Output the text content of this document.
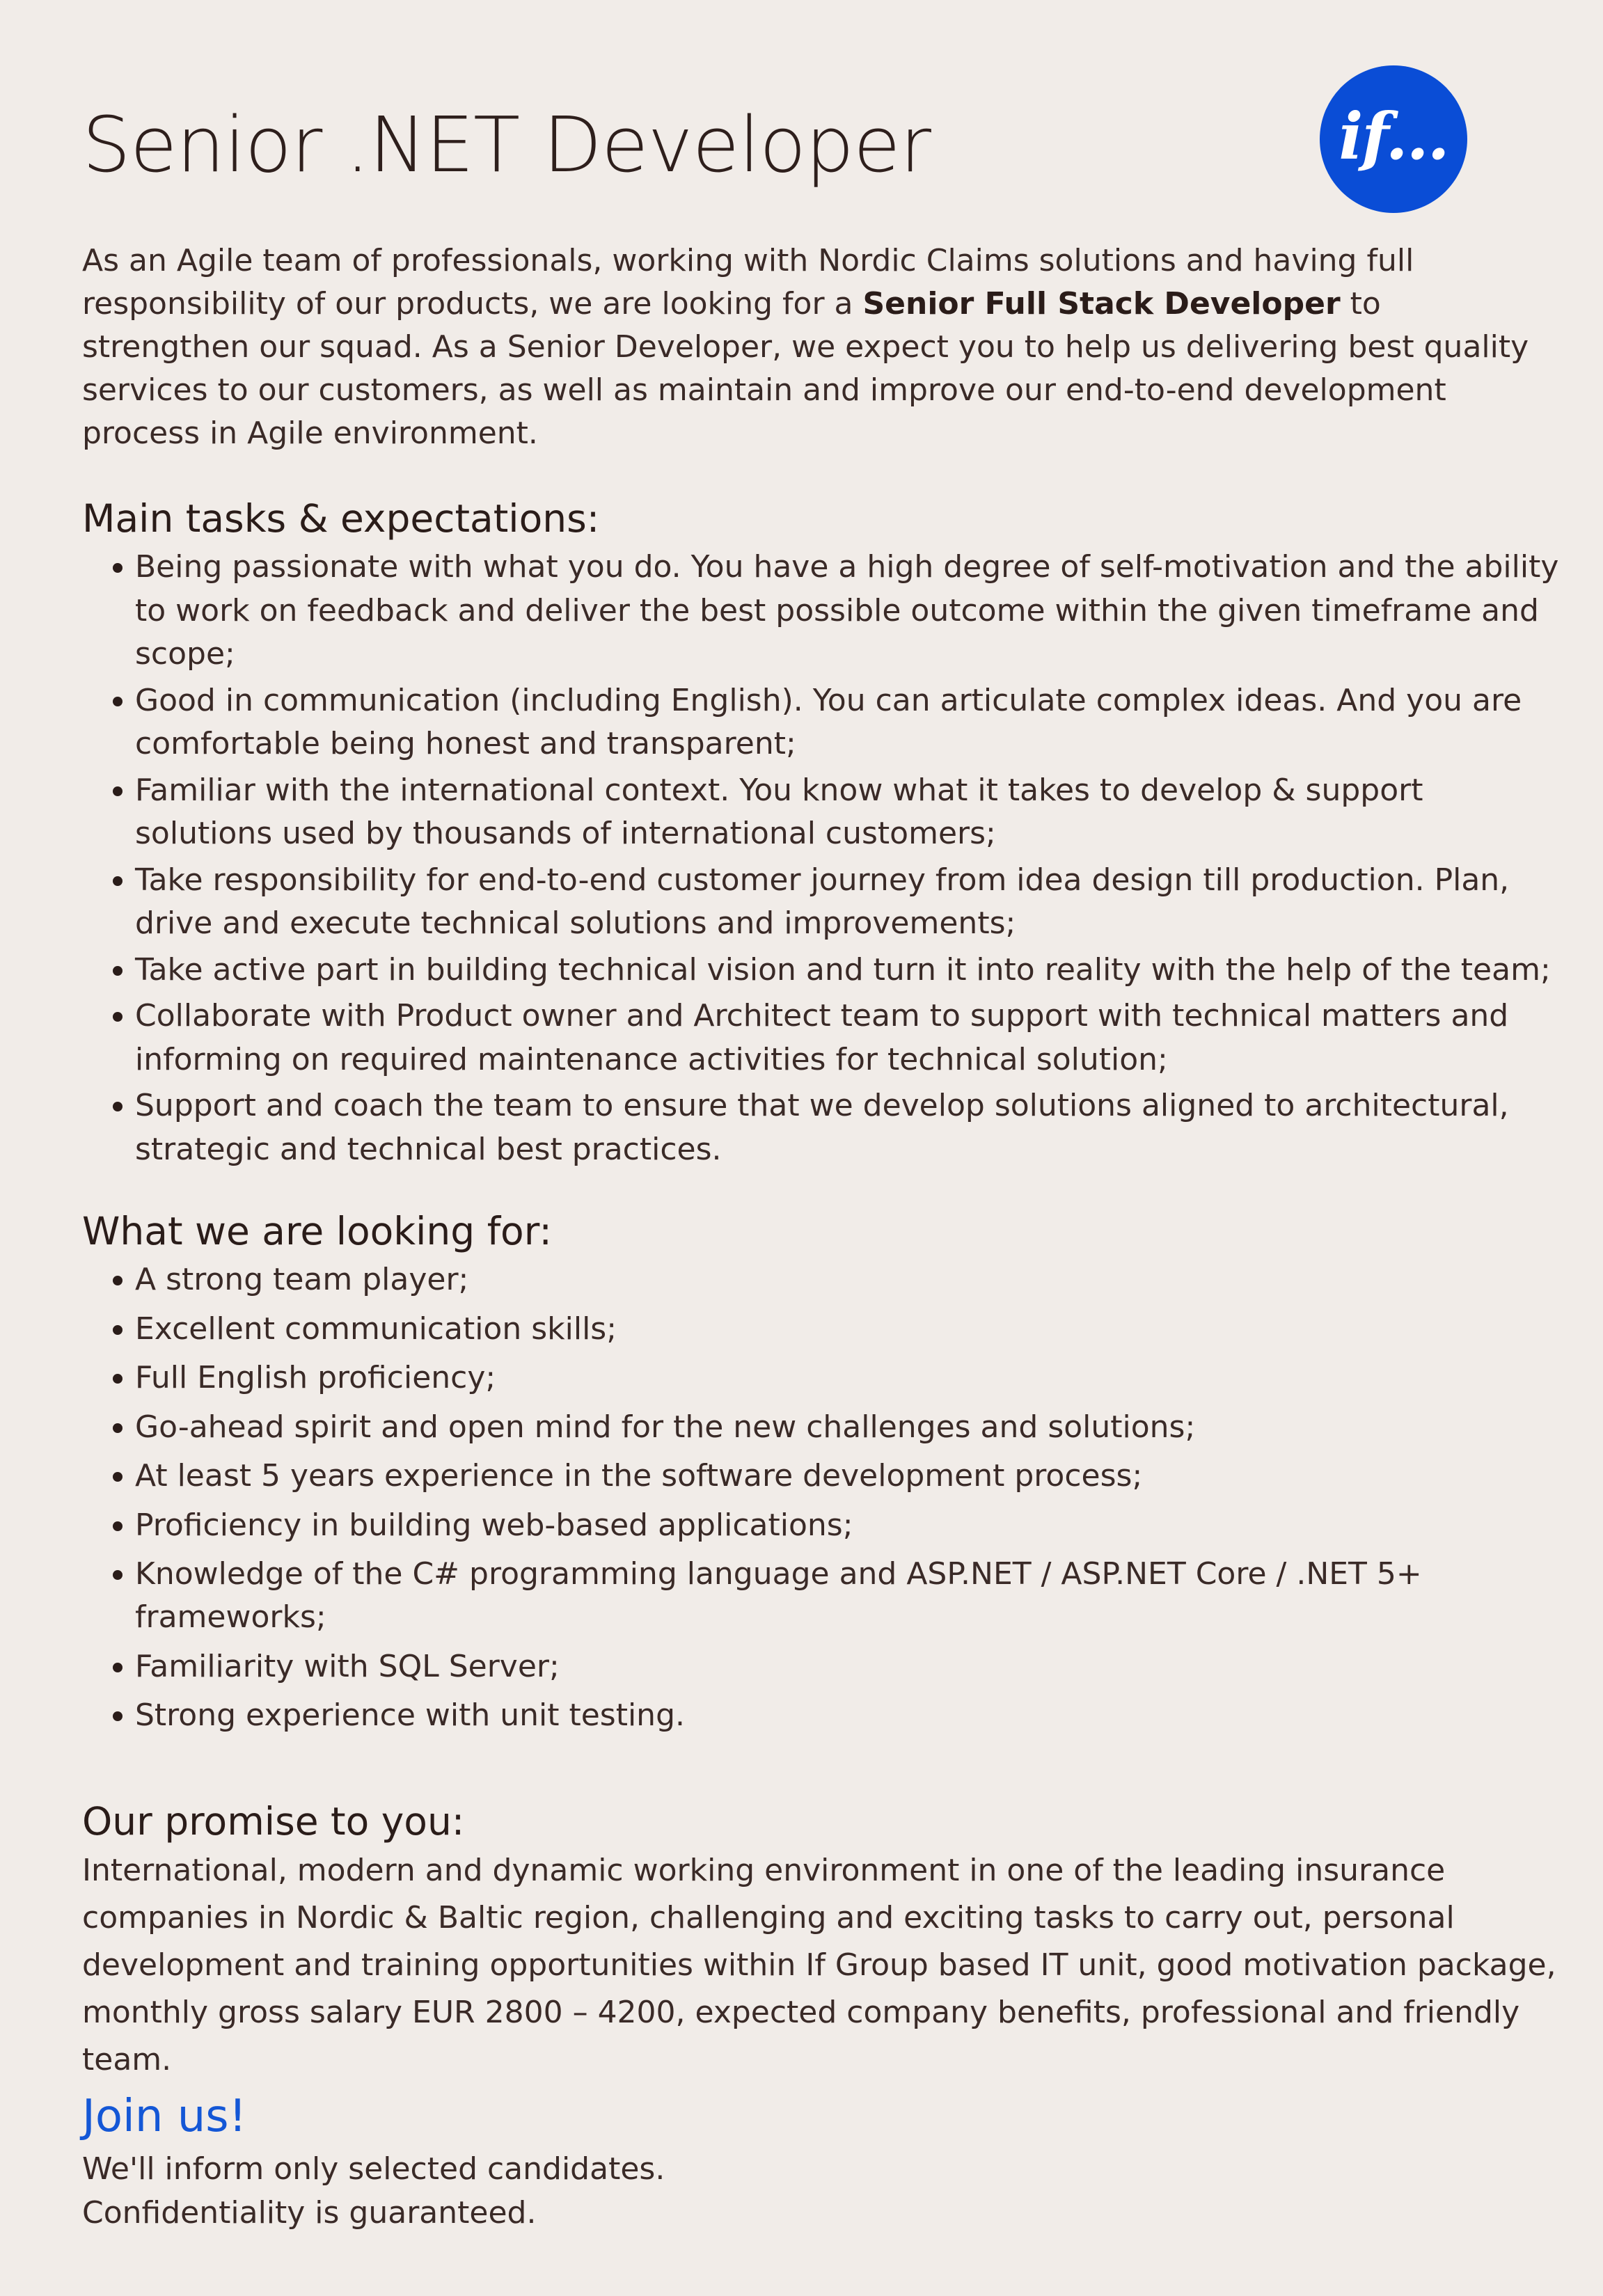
Senior .NET Developer	if...

As an Agile team of professionals, working with Nordic Claims solutions and having full
responsibility of our products, we are looking for a Senior Full Stack Developer to
strengthen our squad. As a Senior Developer, we expect you to help us delivering best quality
services to our customers, as well as maintain and improve our end-to-end development
process in Agile environment.

Main tasks & expectations:
Being passionate with what you do. You have a high degree of self-motivation and the ability
to work on feedback and deliver the best possible outcome within the given timeframe and
scope;
Good in communication (including English). You can articulate complex ideas. And you are
comfortable being honest and transparent;
Familiar with the international context. You know what it takes to develop & support
solutions used by thousands of international customers;
Take responsibility for end-to-end customer journey from idea design till production. Plan,
drive and execute technical solutions and improvements;
Take active part in building technical vision and turn it into reality with the help of the team;
Collaborate with Product owner and Architect team to support with technical matters and
informing on required maintenance activities for technical solution;
Support and coach the team to ensure that we develop solutions aligned to architectural,
strategic and technical best practices.
What we are looking for:
A strong team player;
Excellent communication skills;
Full English proficiency;
Go-ahead spirit and open mind for the new challenges and solutions;
At least 5 years experience in the software development process;
Proficiency in building web-based applications;
Knowledge of the C# programming language and ASP.NET / ASP.NET Core / .NET 5+
frameworks;
Familiarity with SQL Server;
Strong experience with unit testing.
Our promise to you:

International, modern and dynamic working environment in one of the leading insurance
companies in Nordic & Baltic region, challenging and exciting tasks to carry out, personal
development and training opportunities within If Group based IT unit, good motivation package,
monthly gross salary EUR 2800 – 4200, expected company benefits, professional and friendly
team.

Join us!

We'll inform only selected candidates.

Confidentiality is guaranteed.
